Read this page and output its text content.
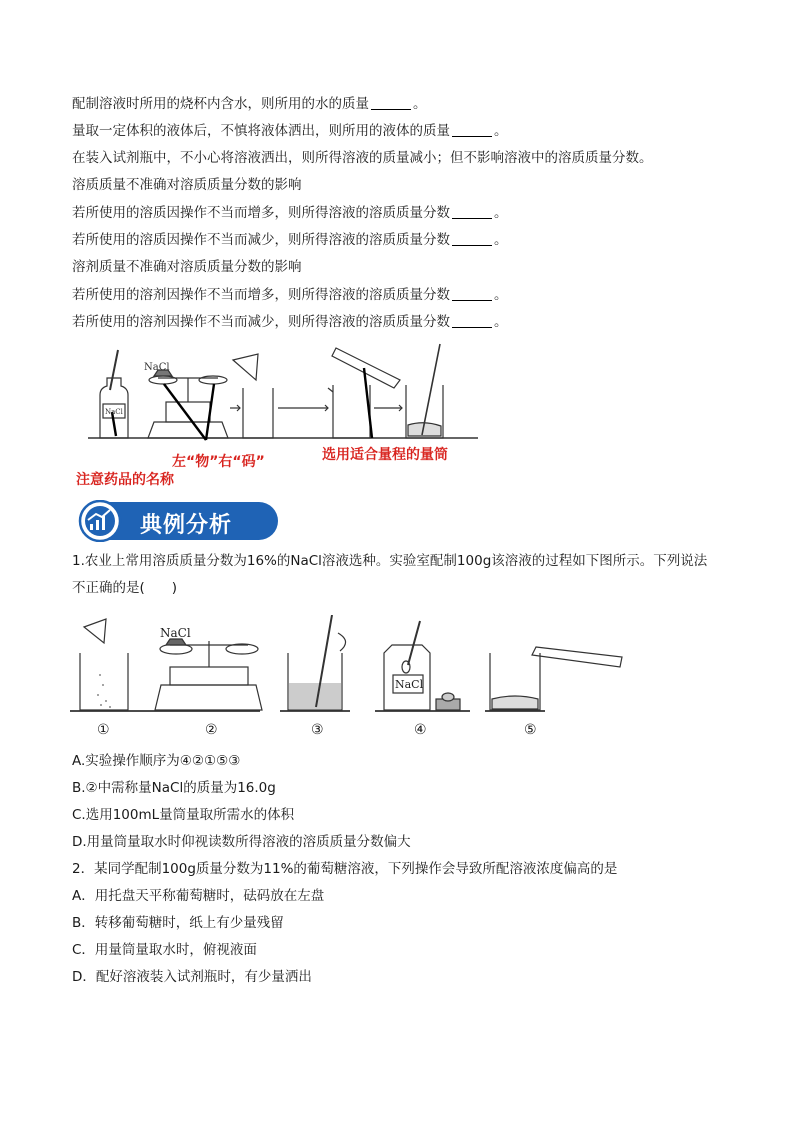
配制溶液时所用的烧杯内含水，则所用的水的质量	。
量取一定体积的液体后，不慎将液体洒出，则所用的液体的质量	。
在装入试剂瓶中，不小心将溶液洒出，则所得溶液的质量减小；但不影响溶液中的溶质质量分数。
溶质质量不准确对溶质质量分数的影响
若所使用的溶质因操作不当而增多，则所得溶液的溶质质量分数	。
若所使用的溶质因操作不当而减少，则所得溶液的溶质质量分数	。
溶剂质量不准确对溶质质量分数的影响
若所使用的溶剂因操作不当而增多，则所得溶液的溶质质量分数	。
若所使用的溶剂因操作不当而减少，则所得溶液的溶质质量分数	。
NaCl
NaCl
左“物”右“码”	选用适合量程的量筒
注意药品的名称
典例分析
1.农业上常用溶质质量分数为16%的NaCl溶液选种。实验室配制100g该溶液的过程如下图所示。下列说法
不正确的是(　　)
NaCl
NaCl
①	②	③	④	⑤
A.实验操作顺序为④②①⑤③
B.②中需称量NaCl的质量为16.0g
C.选用100mL量筒量取所需水的体积
D.用量筒量取水时仰视读数所得溶液的溶质质量分数偏大
2．某同学配制100g质量分数为11%的葡萄糖溶液，下列操作会导致所配溶液浓度偏高的是
A．用托盘天平称葡萄糖时，砝码放在左盘
B．转移葡萄糖时，纸上有少量残留
C．用量筒量取水时，俯视液面
D．配好溶液装入试剂瓶时，有少量洒出
